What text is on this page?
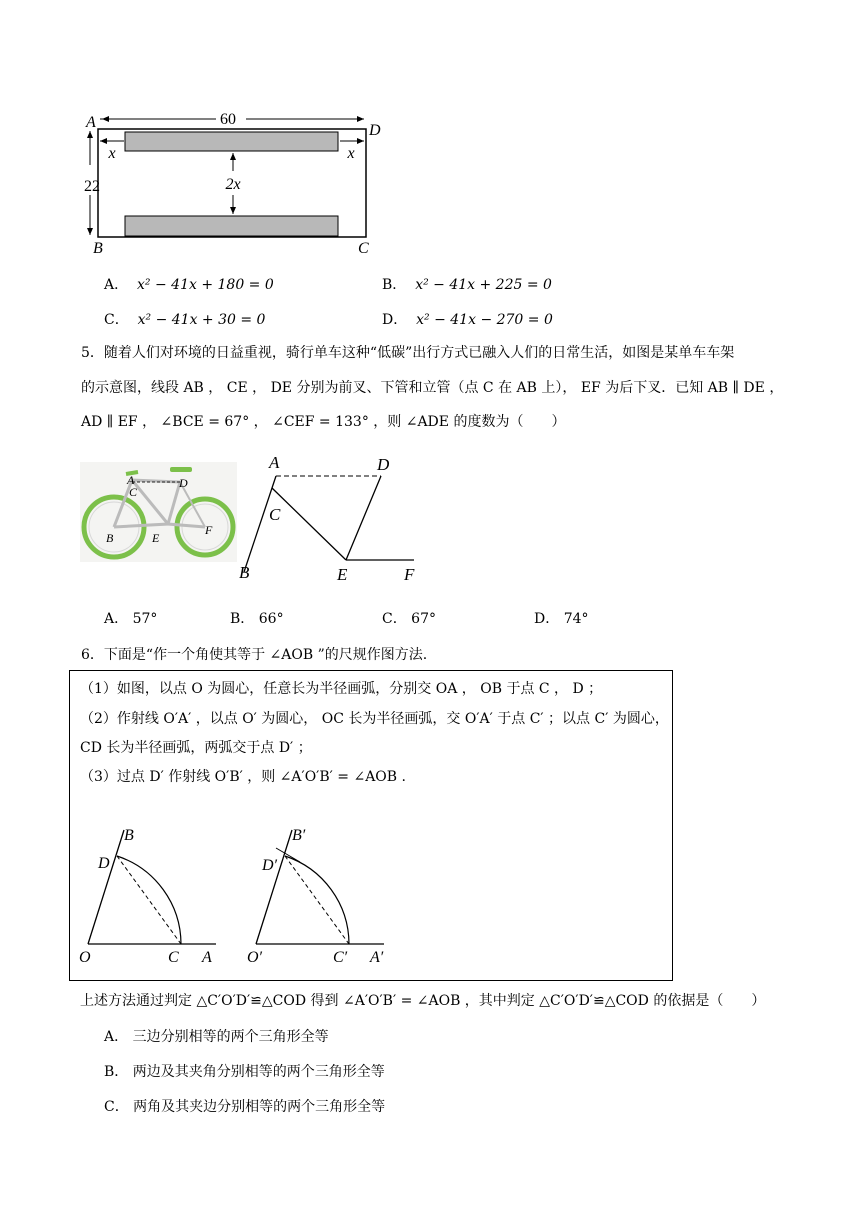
60
22	2x
x	x
A	D
B	C
A． x² − 41x + 180 = 0	B． x² − 41x + 225 = 0
C． x² − 41x + 30 = 0	D． x² − 41x − 270 = 0
5．随着人们对环境的日益重视，骑行单车这种“低碳”出行方式已融入人们的日常生活，如图是某单车车架
的示意图，线段 AB ， CE ， DE 分别为前叉、下管和立管（点 C 在 AB 上）， EF 为后下叉．已知 AB ∥ DE ，
AD ∥ EF ， ∠BCE = 67° ， ∠CEF = 133° ，则 ∠ADE 的度数为（　　）
A
C
D
B	E
F
A	D
C
B	E	F
A． 57°	B． 66°	C． 67°	D． 74°
6．下面是“作一个角使其等于 ∠AOB ”的尺规作图方法.
（1）如图，以点 O 为圆心，任意长为半径画弧，分别交 OA ， OB 于点 C ， D ；
（2）作射线 O′A′ ，以点 O′ 为圆心， OC 长为半径画弧，交 O′A′ 于点 C′ ；以点 C′ 为圆心，
CD 长为半径画弧，两弧交于点 D′ ；
（3）过点 D′ 作射线 O′B′ ，则 ∠A′O′B′ = ∠AOB .
B
D
O	C A
B′
D′
O′	C′ A′
上述方法通过判定 △C′O′D′≌△COD 得到 ∠A′O′B′ = ∠AOB ，其中判定 △C′O′D′≌△COD 的依据是（　　）
A． 三边分别相等的两个三角形全等
B． 两边及其夹角分别相等的两个三角形全等
C． 两角及其夹边分别相等的两个三角形全等
